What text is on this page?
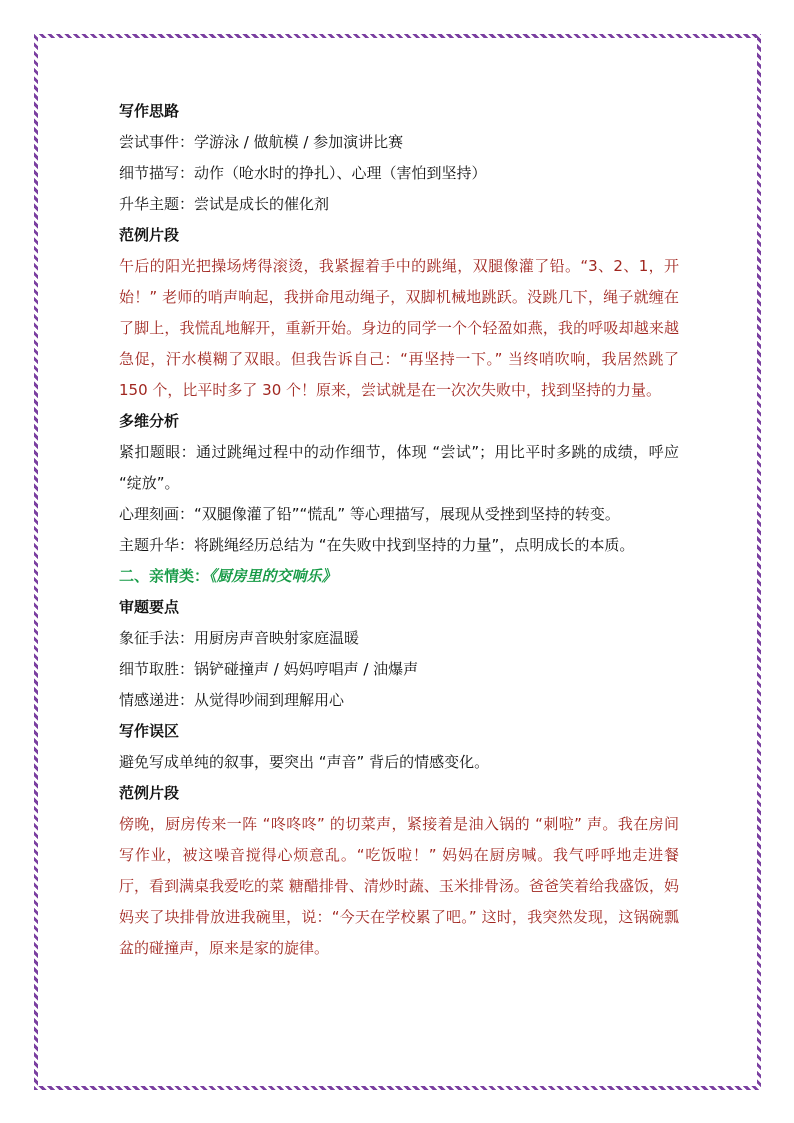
写作思路

尝试事件：学游泳 / 做航模 / 参加演讲比赛

细节描写：动作（呛水时的挣扎）、心理（害怕到坚持）

升华主题：尝试是成长的催化剂

范例片段

午后的阳光把操场烤得滚烫，我紧握着手中的跳绳，双腿像灌了铅。“3、2、1，开始！” 老师的哨声响起，我拼命甩动绳子，双脚机械地跳跃。没跳几下，绳子就缠在了脚上，我慌乱地解开，重新开始。身边的同学一个个轻盈如燕，我的呼吸却越来越急促，汗水模糊了双眼。但我告诉自己：“再坚持一下。” 当终哨吹响，我居然跳了 150 个，比平时多了 30 个！原来，尝试就是在一次次失败中，找到坚持的力量。

多维分析

紧扣题眼：通过跳绳过程中的动作细节，体现 “尝试”；用比平时多跳的成绩，呼应 “绽放”。

心理刻画：“双腿像灌了铅”“慌乱” 等心理描写，展现从受挫到坚持的转变。

主题升华：将跳绳经历总结为 “在失败中找到坚持的力量”，点明成长的本质。

二、亲情类：《厨房里的交响乐》

审题要点

象征手法：用厨房声音映射家庭温暖

细节取胜：锅铲碰撞声 / 妈妈哼唱声 / 油爆声

情感递进：从觉得吵闹到理解用心

写作误区

避免写成单纯的叙事，要突出 “声音” 背后的情感变化。

范例片段

傍晚，厨房传来一阵 “咚咚咚” 的切菜声，紧接着是油入锅的 “刺啦” 声。我在房间写作业，被这噪音搅得心烦意乱。“吃饭啦！” 妈妈在厨房喊。我气呼呼地走进餐厅，看到满桌我爱吃的菜 糖醋排骨、清炒时蔬、玉米排骨汤。爸爸笑着给我盛饭，妈妈夹了块排骨放进我碗里，说：“今天在学校累了吧。” 这时，我突然发现，这锅碗瓢盆的碰撞声，原来是家的旋律。
